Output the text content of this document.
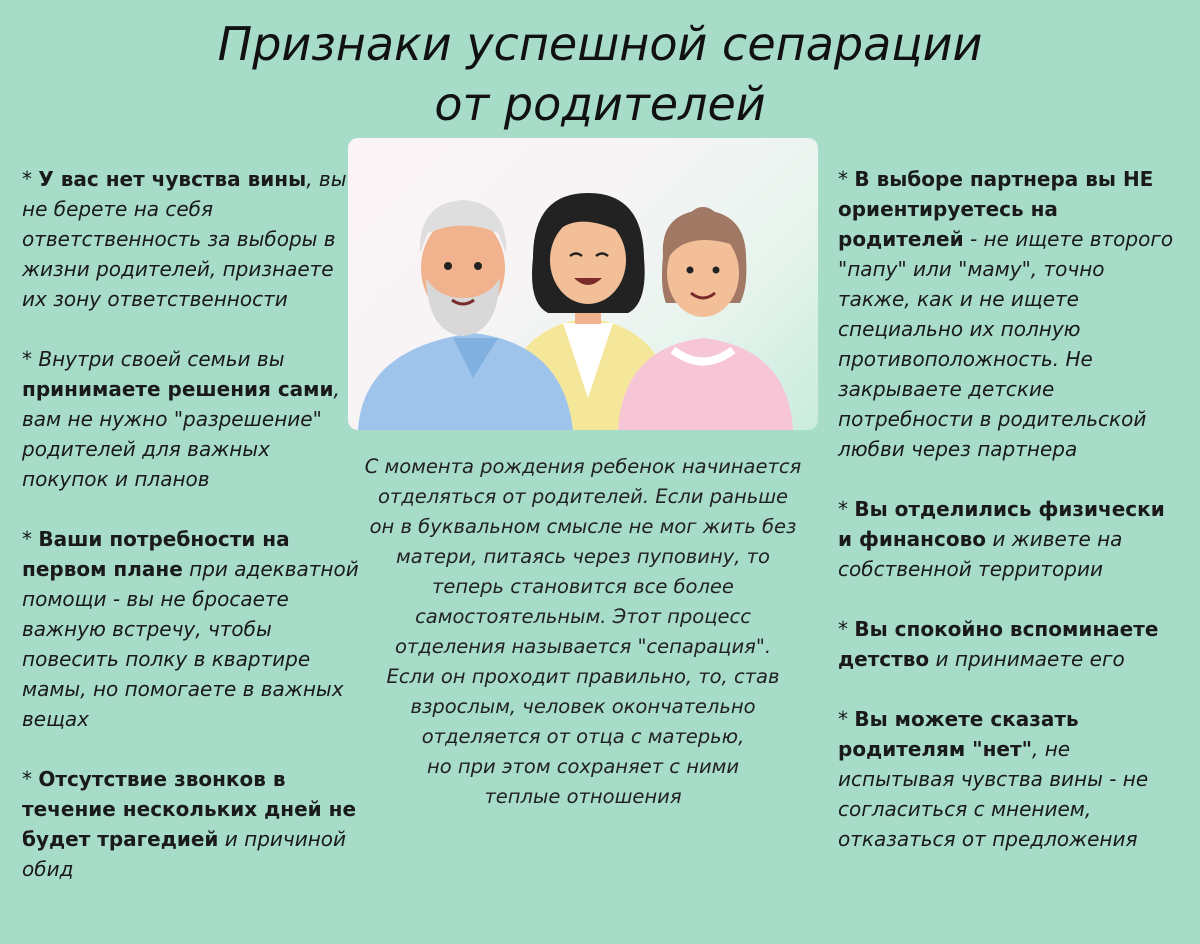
Признаки успешной сепарации
от родителей

* У вас нет чувства вины, вы не берете на себя ответственность за выборы в жизни родителей, признаете их зону ответственности

* Внутри своей семьи вы принимаете решения сами, вам не нужно "разрешение" родителей для важных покупок и планов

* Ваши потребности на первом плане при адекватной помощи - вы не бросаете важную встречу, чтобы повесить полку в квартире мамы, но помогаете в важных вещах

* Отсутствие звонков в течение нескольких дней не будет трагедией и причиной обид

С момента рождения ребенок начинается
отделяться от родителей. Если раньше
он в буквальном смысле не мог жить без
матери, питаясь через пуповину, то
теперь становится все более
самостоятельным. Этот процесс
отделения называется "сепарация".
Если он проходит правильно, то, став
взрослым, человек окончательно
отделяется от отца с матерью,
но при этом сохраняет с ними
теплые отношения

* В выборе партнера вы НЕ ориентируетесь на родителей - не ищете второго "папу" или "маму", точно также, как и не ищете специально их полную противоположность. Не закрываете детские потребности в родительской любви через партнера

* Вы отделились физически и финансово и живете на собственной территории

* Вы спокойно вспоминаете детство и принимаете его

* Вы можете сказать родителям "нет", не испытывая чувства вины - не согласиться с мнением, отказаться от предложения
